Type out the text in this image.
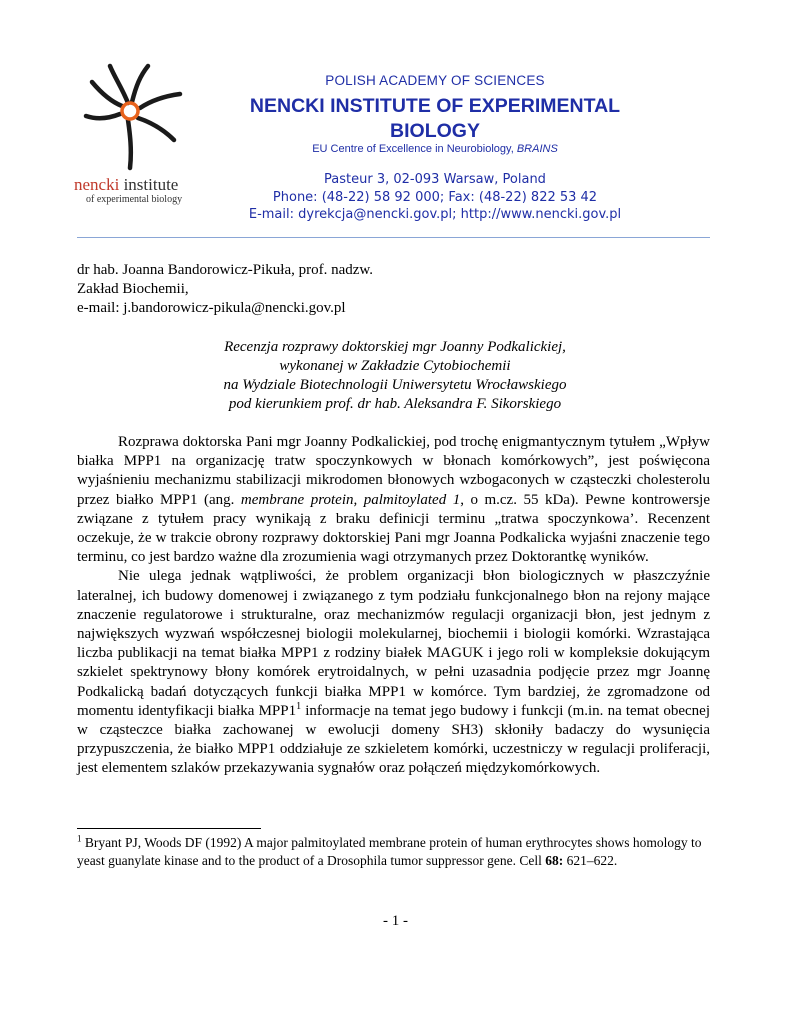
nencki institute
of experimental biology
POLISH ACADEMY OF SCIENCES
NENCKI INSTITUTE OF EXPERIMENTAL
BIOLOGY
EU Centre of Excellence in Neurobiology, BRAINS
Pasteur 3, 02-093 Warsaw, Poland
Phone: (48-22) 58 92 000; Fax: (48-22) 822 53 42
E-mail: dyrekcja@nencki.gov.pl; http://www.nencki.gov.pl
dr hab. Joanna Bandorowicz-Pikuła, prof. nadzw.
Zakład Biochemii,
e-mail: j.bandorowicz-pikula@nencki.gov.pl
Recenzja rozprawy doktorskiej mgr Joanny Podkalickiej,
wykonanej w Zakładzie Cytobiochemii
na Wydziale Biotechnologii Uniwersytetu Wrocławskiego
pod kierunkiem prof. dr hab. Aleksandra F. Sikorskiego

Rozprawa doktorska Pani mgr Joanny Podkalickiej, pod trochę enigmantycznym tytułem „Wpływ białka MPP1 na organizację tratw spoczynkowych w błonach komórkowych”, jest poświęcona wyjaśnieniu mechanizmu stabilizacji mikrodomen błonowych wzbogaconych w cząsteczki cholesterolu przez białko MPP1 (ang. membrane protein, palmitoylated 1, o m.cz. 55 kDa). Pewne kontrowersje związane z tytułem pracy wynikają z braku definicji terminu „tratwa spoczynkowa’. Recenzent oczekuje, że w trakcie obrony rozprawy doktorskiej Pani mgr Joanna Podkalicka wyjaśni znaczenie tego terminu, co jest bardzo ważne dla zrozumienia wagi otrzymanych przez Doktorantkę wyników.

Nie ulega jednak wątpliwości, że problem organizacji błon biologicznych w płaszczyźnie lateralnej, ich budowy domenowej i związanego z tym podziału funkcjonalnego błon na rejony mające znaczenie regulatorowe i strukturalne, oraz mechanizmów regulacji organizacji błon, jest jednym z największych wyzwań współczesnej biologii molekularnej, biochemii i biologii komórki. Wzrastająca liczba publikacji na temat białka MPP1 z rodziny białek MAGUK i jego roli w kompleksie dokującym szkielet spektrynowy błony komórek erytroidalnych, w pełni uzasadnia podjęcie przez mgr Joannę Podkalicką badań dotyczących funkcji białka MPP1 w komórce. Tym bardziej, że zgromadzone od momentu identyfikacji białka $MPP1^1$ informacje na temat jego budowy i funkcji (m.in. na temat obecnej w cząsteczce białka zachowanej w ewolucji domeny SH3) skłoniły badaczy do wysunięcia przypuszczenia, że białko MPP1 oddziałuje ze szkieletem komórki, uczestniczy w regulacji proliferacji, jest elementem szlaków przekazywania sygnałów oraz połączeń międzykomórkowych.

$^1$ Bryant PJ, Woods DF (1992) A major palmitoylated membrane protein of human erythrocytes shows homology to yeast guanylate kinase and to the product of a Drosophila tumor suppressor gene. Cell 68: 621–622.
- 1 -
